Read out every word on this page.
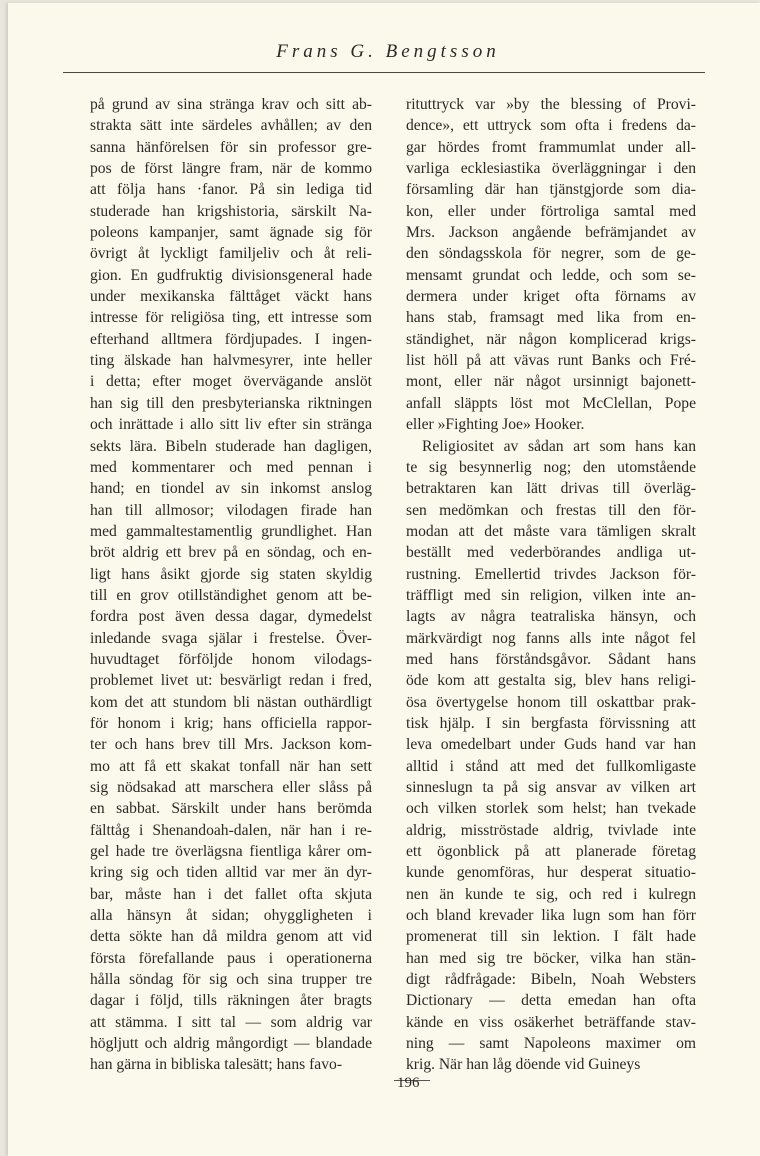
Frans G. Bengtsson
på grund av sina stränga krav och sitt ab-
strakta sätt inte särdeles avhållen; av den
sanna hänförelsen för sin professor gre-
pos de först längre fram, när de kommo
att följa hans ·fanor. På sin lediga tid
studerade han krigshistoria, särskilt Na-
poleons kampanjer, samt ägnade sig för
övrigt åt lyckligt familjeliv och åt reli-
gion. En gudfruktig divisionsgeneral hade
under mexikanska fälttåget väckt hans
intresse för religiösa ting, ett intresse som
efterhand alltmera fördjupades. I ingen-
ting älskade han halvmesyrer, inte heller
i detta; efter moget övervägande anslöt
han sig till den presbyterianska riktningen
och inrättade i allo sitt liv efter sin stränga
sekts lära. Bibeln studerade han dagligen,
med kommentarer och med pennan i
hand; en tiondel av sin inkomst anslog
han till allmosor; vilodagen firade han
med gammaltestamentlig grundlighet. Han
bröt aldrig ett brev på en söndag, och en-
ligt hans åsikt gjorde sig staten skyldig
till en grov otillständighet genom att be-
fordra post även dessa dagar, dymedelst
inledande svaga själar i frestelse. Över-
huvudtaget förföljde honom vilodags-
problemet livet ut: besvärligt redan i fred,
kom det att stundom bli nästan outhärdligt
för honom i krig; hans officiella rappor-
ter och hans brev till Mrs. Jackson kom-
mo att få ett skakat tonfall när han sett
sig nödsakad att marschera eller slåss på
en sabbat. Särskilt under hans berömda
fälttåg i Shenandoah-dalen, när han i re-
gel hade tre överlägsna fientliga kårer om-
kring sig och tiden alltid var mer än dyr-
bar, måste han i det fallet ofta skjuta
alla hänsyn åt sidan; ohyggligheten i
detta sökte han då mildra genom att vid
första förefallande paus i operationerna
hålla söndag för sig och sina trupper tre
dagar i följd, tills räkningen åter bragts
att stämma. I sitt tal — som aldrig var
högljutt och aldrig mångordigt — blandade
han gärna in bibliska talesätt; hans favo-
rituttryck var »by the blessing of Provi-
dence», ett uttryck som ofta i fredens da-
gar hördes fromt frammumlat under all-
varliga ecklesiastika överläggningar i den
församling där han tjänstgjorde som dia-
kon, eller under förtroliga samtal med
Mrs. Jackson angående befrämjandet av
den söndagsskola för negrer, som de ge-
mensamt grundat och ledde, och som se-
dermera under kriget ofta förnams av
hans stab, framsagt med lika from en-
ständighet, när någon komplicerad krigs-
list höll på att vävas runt Banks och Fré-
mont, eller när något ursinnigt bajonett-
anfall släppts löst mot McClellan, Pope
eller »Fighting Joe» Hooker.
Religiositet av sådan art som hans kan
te sig besynnerlig nog; den utomstående
betraktaren kan lätt drivas till överläg-
sen medömkan och frestas till den för-
modan att det måste vara tämligen skralt
beställt med vederbörandes andliga ut-
rustning. Emellertid trivdes Jackson för-
träffligt med sin religion, vilken inte an-
lagts av några teatraliska hänsyn, och
märkvärdigt nog fanns alls inte något fel
med hans förståndsgåvor. Sådant hans
öde kom att gestalta sig, blev hans religi-
ösa övertygelse honom till oskattbar prak-
tisk hjälp. I sin bergfasta förvissning att
leva omedelbart under Guds hand var han
alltid i stånd att med det fullkomligaste
sinneslugn ta på sig ansvar av vilken art
och vilken storlek som helst; han tvekade
aldrig, misströstade aldrig, tvivlade inte
ett ögonblick på att planerade företag
kunde genomföras, hur desperat situatio-
nen än kunde te sig, och red i kulregn
och bland krevader lika lugn som han förr
promenerat till sin lektion. I fält hade
han med sig tre böcker, vilka han stän-
digt rådfrågade: Bibeln, Noah Websters
Dictionary — detta emedan han ofta
kände en viss osäkerhet beträffande stav-
ning — samt Napoleons maximer om
krig. När han låg döende vid Guineys
196
